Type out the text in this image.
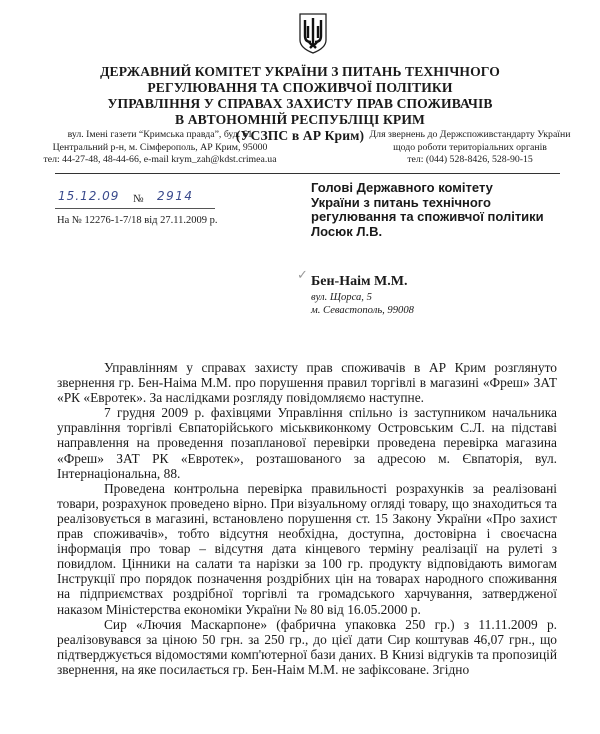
ДЕРЖАВНИЙ КОМІТЕТ УКРАЇНИ З ПИТАНЬ ТЕХНІЧНОГО
РЕГУЛЮВАННЯ ТА СПОЖИВЧОЇ ПОЛІТИКИ
УПРАВЛІННЯ У СПРАВАХ ЗАХИСТУ ПРАВ СПОЖИВАЧІВ
В АВТОНОМНІЙ РЕСПУБЛІЦІ КРИМ
(УСЗПС в АР Крим)
вул. Імені газети “Кримська правда”, буд. 61
Центральний р-н, м. Сімферополь, АР Крим, 95000
тел: 44-27-48, 48-44-66, e-mail krym_zah@kdst.crimea.ua
Для звернень до Держспоживстандарту України
щодо роботи територіальних органів
тел: (044) 528-8426, 528-90-15
15.12.09 № 2914
На № 12276-1-7/18 від 27.11.2009 р.
Голові Державного комітету
України з питань технічного
регулювання та споживчої політики
Лосюк Л.В.
✓ Бен-Наім М.М.
вул. Щорса, 5
м. Севастополь, 99008

Управлінням у справах захисту прав споживачів в АР Крим розглянуто звернення гр. Бен-Наіма М.М. про порушення правил торгівлі в магазині «Фреш» ЗАТ «РК «Евротек». За наслідками розгляду повідомляємо наступне.

7 грудня 2009 р. фахівцями Управління спільно із заступником начальника управління торгівлі Євпаторійського міськвиконкому Островським С.Л. на підставі направлення на проведення позапланової перевірки проведена перевірка магазина «Фреш» ЗАТ РК «Евротек», розташованого за адресою м. Євпаторія, вул. Інтернаціональна, 88.

Проведена контрольна перевірка правильності розрахунків за реалізовані товари, розрахунок проведено вірно. При візуальному огляді товару, що знаходиться та реалізовується в магазині, встановлено порушення ст. 15 Закону України «Про захист прав споживачів», тобто відсутня необхідна, доступна, достовірна і своєчасна інформація про товар – відсутня дата кінцевого терміну реалізації на рулеті з повидлом. Цінники на салати та нарізки за 100 гр. продукту відповідають вимогам Інструкції про порядок позначення роздрібних цін на товарах народного споживання на підприємствах роздрібної торгівлі та громадського харчування, затвердженої наказом Міністерства економіки України № 80 від 16.05.2000 р.

Сир «Лючия Маскарпоне» (фабрична упаковка 250 гр.) з 11.11.2009 р. реалізовувався за ціною 50 грн. за 250 гр., до цієї дати Сир коштував 46,07 грн., що підтверджується відомостями комп'ютерної бази даних. В Книзі відгуків та пропозицій звернення, на яке посилається гр. Бен-Наім М.М. не зафіксоване. Згідно
